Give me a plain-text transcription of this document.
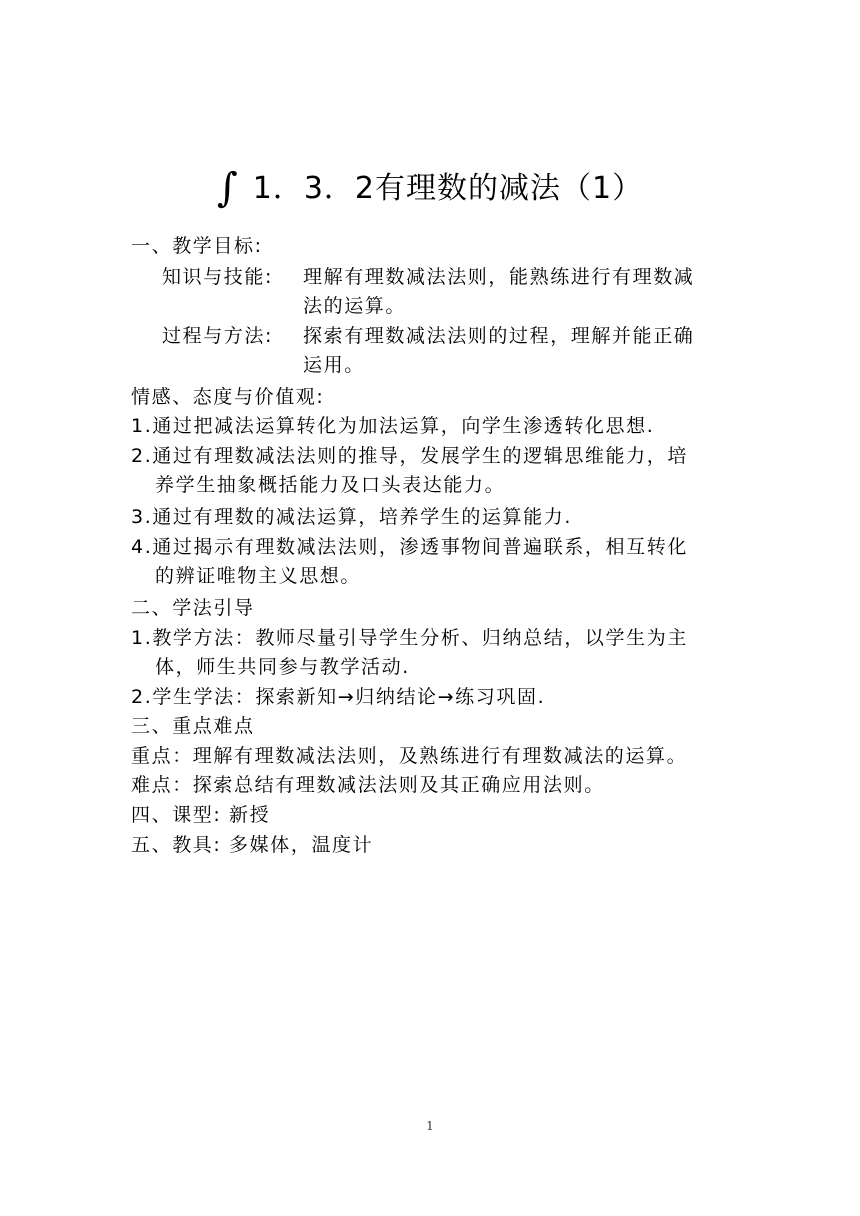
∫ 1．3．2有理数的减法（1）
一、教学目标:
知识与技能: 理解有理数减法法则，能熟练进行有理数减
法的运算。
过程与方法: 探索有理数减法法则的过程，理解并能正确
运用。
情感、态度与价值观:
1.通过把减法运算转化为加法运算，向学生渗透转化思想.
2.通过有理数减法法则的推导，发展学生的逻辑思维能力，培
养学生抽象概括能力及口头表达能力。
3.通过有理数的减法运算，培养学生的运算能力.
4.通过揭示有理数减法法则，渗透事物间普遍联系，相互转化
的辨证唯物主义思想。
二、学法引导
1.教学方法：教师尽量引导学生分析、归纳总结，以学生为主
体，师生共同参与教学活动.
2.学生学法：探索新知→归纳结论→练习巩固.
三、重点难点
重点：理解有理数减法法则，及熟练进行有理数减法的运算。
难点：探索总结有理数减法法则及其正确应用法则。
四、课型: 新授
五、教具: 多媒体，温度计
1
